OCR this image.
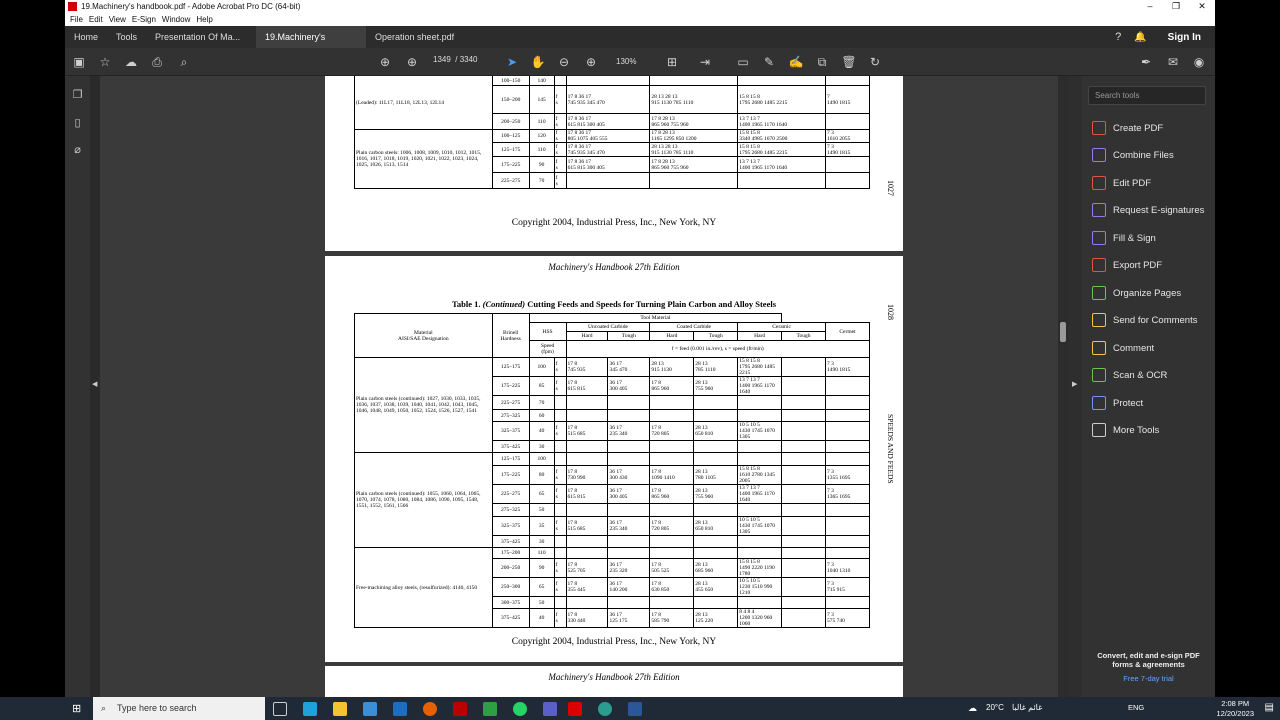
19.Machinery's handbook.pdf - Adobe Acrobat Pro DC (64-bit)	–	❐	✕
File Edit View E-Sign Window Help
Home	Tools	Presentation Of Ma...	19.Machinery's	Operation sheet.pdf	? 🔔 Sign In
▣	☆	☁	⎙	⌕	⊕	⊕	1349 / 3340	➤	✋	⊖	⊕	130%	⊞	⇥	▭	✎	✍	⧉	🗑	↻	✒	✉	◉
❐
▯
⌀
◀
(Leaded): 11L17, 11L18, 12L13, 12L14	100–150	140					
	150–200	145	f
s	17 8 36 17
745 935 345 470	28 13 28 13
915 1130 785 1110	15 8 15 8
1795 2680 1485 2215	7
1490 1815
	200–250	110	f
s	17 8 36 17
615 815 300 405	17 8 28 13
865 960 755 960	13 7 13 7
1400 1965 1170 1640	
Plain carbon steels: 1006, 1008, 1009, 1010, 1012, 1015, 1016, 1017, 1018, 1019, 1020, 1021, 1022, 1023, 1024, 1025, 1026, 1513, 1514	100–125	120	f
s	17 8 36 17
805 1075 405 555	17 8 28 13
1165 1295 850 1200	15 8 15 8
3340 4985 1670 2500	7 3
1610 2055
	125–175	110	f
s	17 8 36 17
745 935 345 470	28 13 28 13
915 1130 785 1110	15 8 15 8
1795 2680 1485 2215	7 3
1490 1815
	175–225	90	f
s	17 8 36 17
615 815 300 405	17 8 28 13
865 960 755 960	13 7 13 7
1400 1965 1170 1640	
	225–275	70	f
s					1027
Copyright 2004, Industrial Press, Inc., New York, NY
Machinery's Handbook 27th Edition
Table 1. (Continued) Cutting Feeds and Speeds for Turning Plain Carbon and Alloy Steels	1028
SPEEDS AND FEEDS
Material
AISI/SAE Designation	Brinell
Hardness	Tool Material								
		HSS		Uncoated Carbide		Coated Carbide		Ceramic		Cermet
				Hard	Tough	Hard	Tough	Hard	Tough	
		Speed
(fpm)		f = feed (0.001 in./rev), s = speed (ft/min)						
Plain carbon steels (continued): 1027, 1030, 1033, 1035, 1036, 1037, 1038, 1039, 1040, 1041, 1042, 1043, 1045, 1046, 1048, 1049, 1050, 1052, 1524, 1526, 1527, 1541	125–175	100	f
s	17 8
745 935	36 17
345 470	28 13
915 1130	28 13
785 1110	15 8 15 8
1795 2680 1485 2215		7 3
1490 1815
	175–225	85	f
s	17 8
615 815	36 17
300 405	17 8
865 960	28 13
755 960	13 7 13 7
1400 1965 1170 1640		
	225–275	70								
	275–325	60								
	325–375	40	f
s	17 8
515 685	36 17
235 340	17 8
720 805	28 13
650 810	10 5 10 5
1430 1745 1070 1305		
	375–425	30								
Plain carbon steels (continued): 1055, 1060, 1064, 1065, 1070, 1074, 1078, 1080, 1084, 1086, 1090, 1095, 1548, 1551, 1552, 1561, 1566	125–175	100								
	175–225	80	f
s	17 8
730 990	36 17
300 430	17 8
1090 1410	28 13
780 1105	15 8 15 8
1610 2780 1345 2005		7 3
1355 1695
	225–275	65	f
s	17 8
615 815	36 17
300 405	17 8
865 960	28 13
755 960	13 7 13 7
1400 1965 1170 1640		7 3
1365 1695
	275–325	50								
	325–375	35	f
s	17 8
515 685	36 17
235 340	17 8
720 805	28 13
650 810	10 5 10 5
1430 1745 1070 1305		
	375–425	30								
Free-machining alloy steels, (resulfurized): 4140, 4150	175–200	110								
	200–250	90	f
s	17 8
525 705	36 17
235 320	17 8
505 525	28 13
685 960	15 8 15 8
1490 2220 1190 1780		7 3
1040 1310
	250–300	65	f
s	17 8
355 445	36 17
140 200	17 8
630 850	28 13
455 650	10 5 10 5
1230 1510 990 1210		7 3
715 915
	300–375	50								
	375–425	40	f
s	17 8
330 440	36 17
125 175	17 8
585 790	28 13
125 220	8 4 8 4
1200 1320 960 1060		7 3
575 740
Copyright 2004, Industrial Press, Inc., New York, NY
Machinery's Handbook 27th Edition
▶
Search tools
Create PDF
Combine Files
Edit PDF
Request E-signatures
Fill & Sign
Export PDF
Organize Pages
Send for Comments
Comment
Scan & OCR
Protect
More Tools
Convert, edit and e-sign PDF
forms & agreements
Free 7-day trial
⊞ ⌕ Type here to search	☁ 20°C غائم غالبا	ENG	2:08 PM
12/20/2023
▤
